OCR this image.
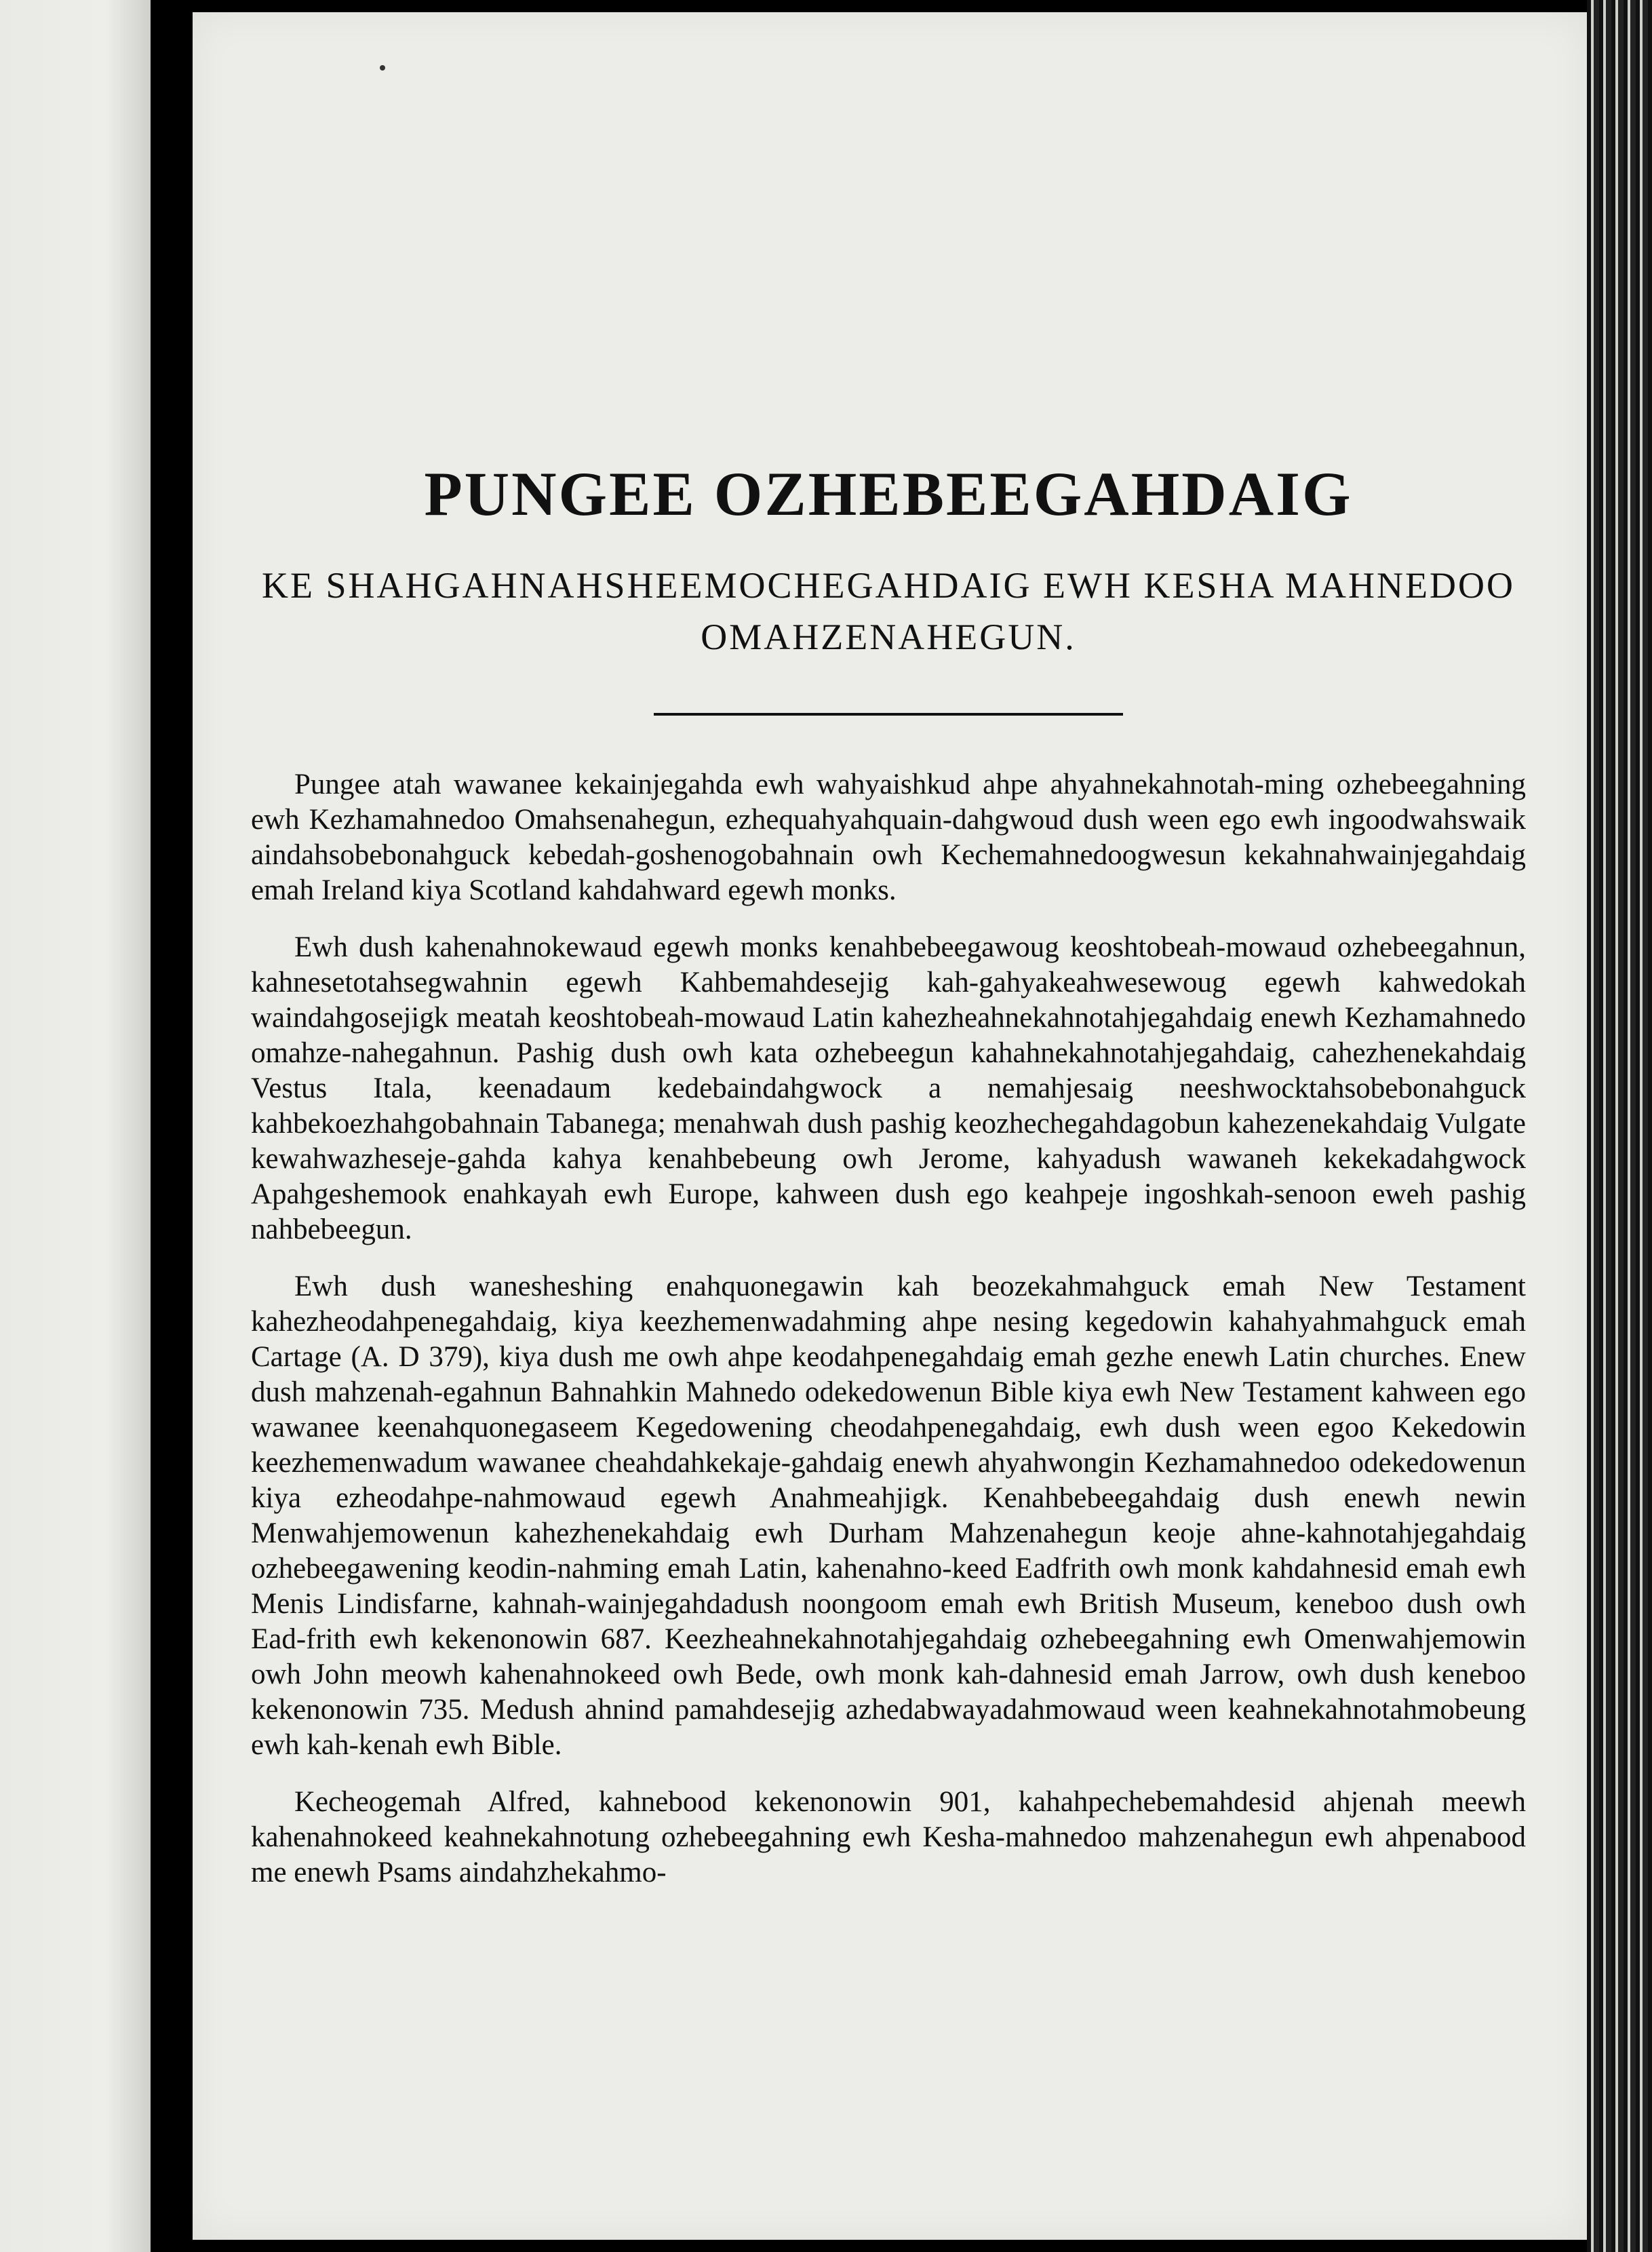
PUNGEE OZHEBEEGAHDAIG

KE SHAHGAHNAHSHEEMOCHEGAHDAIG EWH KESHA MAHNEDOO OMAHZENAHEGUN.

Pungee atah wawanee kekainjegahda ewh wahyaishkud ahpe ahyahnekahnotah-ming ozhebeegahning ewh Kezhamahnedoo Omahsenahegun, ezhequahyahquain-dahgwoud dush ween ego ewh ingoodwahswaik aindahsobebonahguck kebedah-goshenogobahnain owh Kechemahnedoogwesun kekahnahwainjegahdaig emah Ireland kiya Scotland kahdahward egewh monks.

Ewh dush kahenahnokewaud egewh monks kenahbebeegawoug keoshtobeah-mowaud ozhebeegahnun, kahnesetotahsegwahnin egewh Kahbemahdesejig kah-gahyakeahwesewoug egewh kahwedokah waindahgosejigk meatah keoshtobeah-mowaud Latin kahezheahnekahnotahjegahdaig enewh Kezhamahnedo omahze-nahegahnun. Pashig dush owh kata ozhebeegun kahahnekahnotahjegahdaig, cahezhenekahdaig Vestus Itala, keenadaum kedebaindahgwock a nemahjesaig neeshwocktahsobebonahguck kahbekoezhahgobahnain Tabanega; menahwah dush pashig keozhechegahdagobun kahezenekahdaig Vulgate kewahwazheseje-gahda kahya kenahbebeung owh Jerome, kahyadush wawaneh kekekadahgwock Apahgeshemook enahkayah ewh Europe, kahween dush ego keahpeje ingoshkah-senoon eweh pashig nahbebeegun.

Ewh dush wanesheshing enahquonegawin kah beozekahmahguck emah New Testament kahezheodahpenegahdaig, kiya keezhemenwadahming ahpe nesing kegedowin kahahyahmahguck emah Cartage (A. D 379), kiya dush me owh ahpe keodahpenegahdaig emah gezhe enewh Latin churches. Enew dush mahzenah-egahnun Bahnahkin Mahnedo odekedowenun Bible kiya ewh New Testament kahween ego wawanee keenahquonegaseem Kegedowening cheodahpenegahdaig, ewh dush ween egoo Kekedowin keezhemenwadum wawanee cheahdahkekaje-gahdaig enewh ahyahwongin Kezhamahnedoo odekedowenun kiya ezheodahpe-nahmowaud egewh Anahmeahjigk. Kenahbebeegahdaig dush enewh newin Menwahjemowenun kahezhenekahdaig ewh Durham Mahzenahegun keoje ahne-kahnotahjegahdaig ozhebeegawening keodin-nahming emah Latin, kahenahno-keed Eadfrith owh monk kahdahnesid emah ewh Menis Lindisfarne, kahnah-wainjegahdadush noongoom emah ewh British Museum, keneboo dush owh Ead-frith ewh kekenonowin 687. Keezheahnekahnotahjegahdaig ozhebeegahning ewh Omenwahjemowin owh John meowh kahenahnokeed owh Bede, owh monk kah-dahnesid emah Jarrow, owh dush keneboo kekenonowin 735. Medush ahnind pamahdesejig azhedabwayadahmowaud ween keahnekahnotahmobeung ewh kah-kenah ewh Bible.

Kecheogemah Alfred, kahnebood kekenonowin 901, kahahpechebemahdesid ahjenah meewh kahenahnokeed keahnekahnotung ozhebeegahning ewh Kesha-mahnedoo mahzenahegun ewh ahpenabood me enewh Psams aindahzhekahmo-
